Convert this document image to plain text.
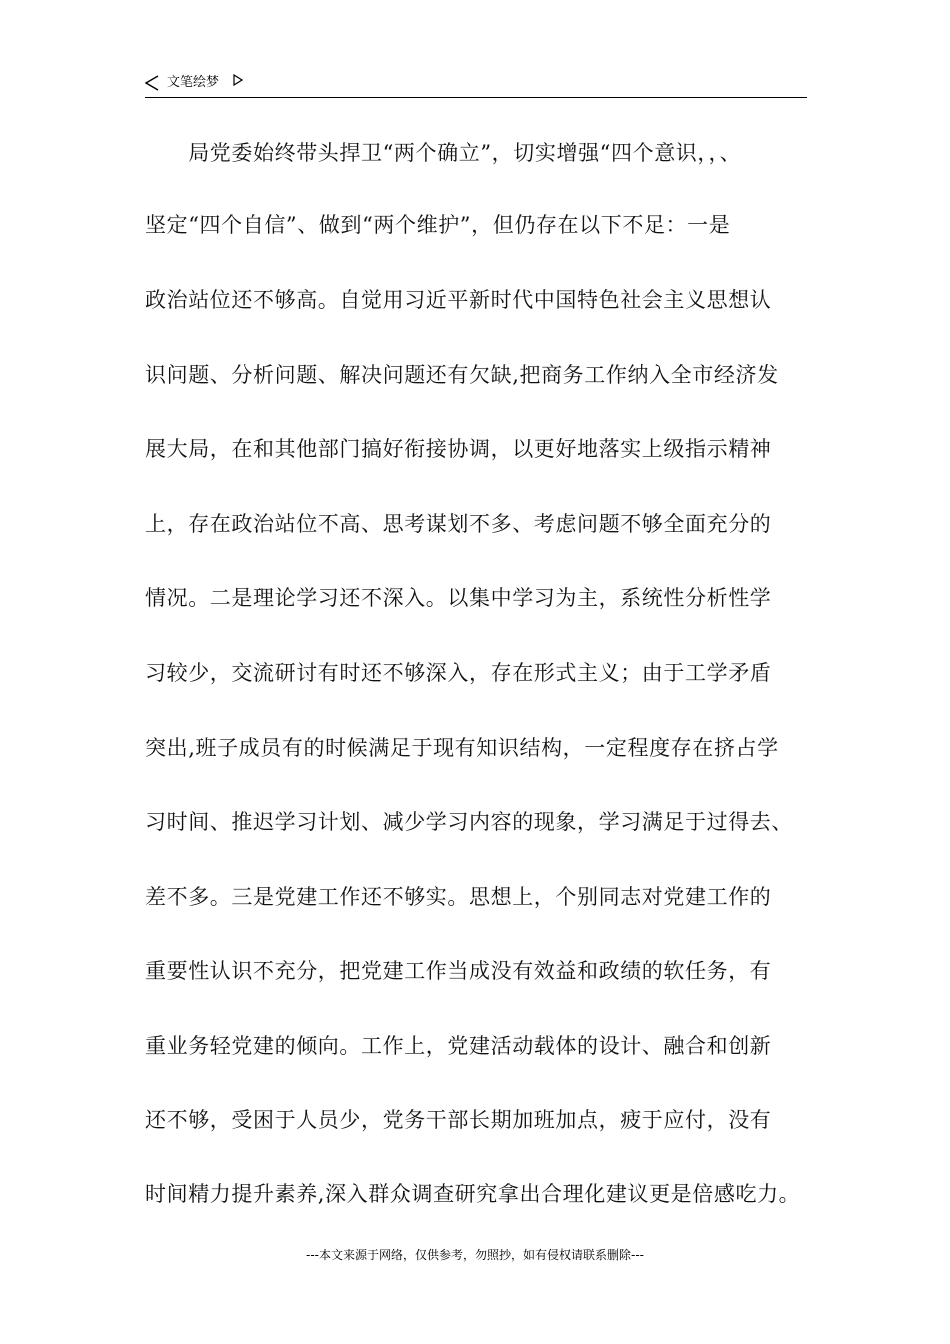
文笔绘梦
　　局党委始终带头捍卫“两个确立”，切实增强“四个意识，，、
坚定“四个自信”、做到“两个维护”，但仍存在以下不足：一是
政治站位还不够高。自觉用习近平新时代中国特色社会主义思想认
识问题、分析问题、解决问题还有欠缺,把商务工作纳入全市经济发
展大局，在和其他部门搞好衔接协调，以更好地落实上级指示精神
上，存在政治站位不高、思考谋划不多、考虑问题不够全面充分的
情况。二是理论学习还不深入。以集中学习为主，系统性分析性学
习较少，交流研讨有时还不够深入，存在形式主义；由于工学矛盾
突出,班子成员有的时候满足于现有知识结构，一定程度存在挤占学
习时间、推迟学习计划、减少学习内容的现象，学习满足于过得去、
差不多。三是党建工作还不够实。思想上，个别同志对党建工作的
重要性认识不充分，把党建工作当成没有效益和政绩的软任务，有
重业务轻党建的倾向。工作上，党建活动载体的设计、融合和创新
还不够，受困于人员少，党务干部长期加班加点，疲于应付，没有
时间精力提升素养,深入群众调查研究拿出合理化建议更是倍感吃力。
---本文来源于网络，仅供参考，勿照抄，如有侵权请联系删除---
